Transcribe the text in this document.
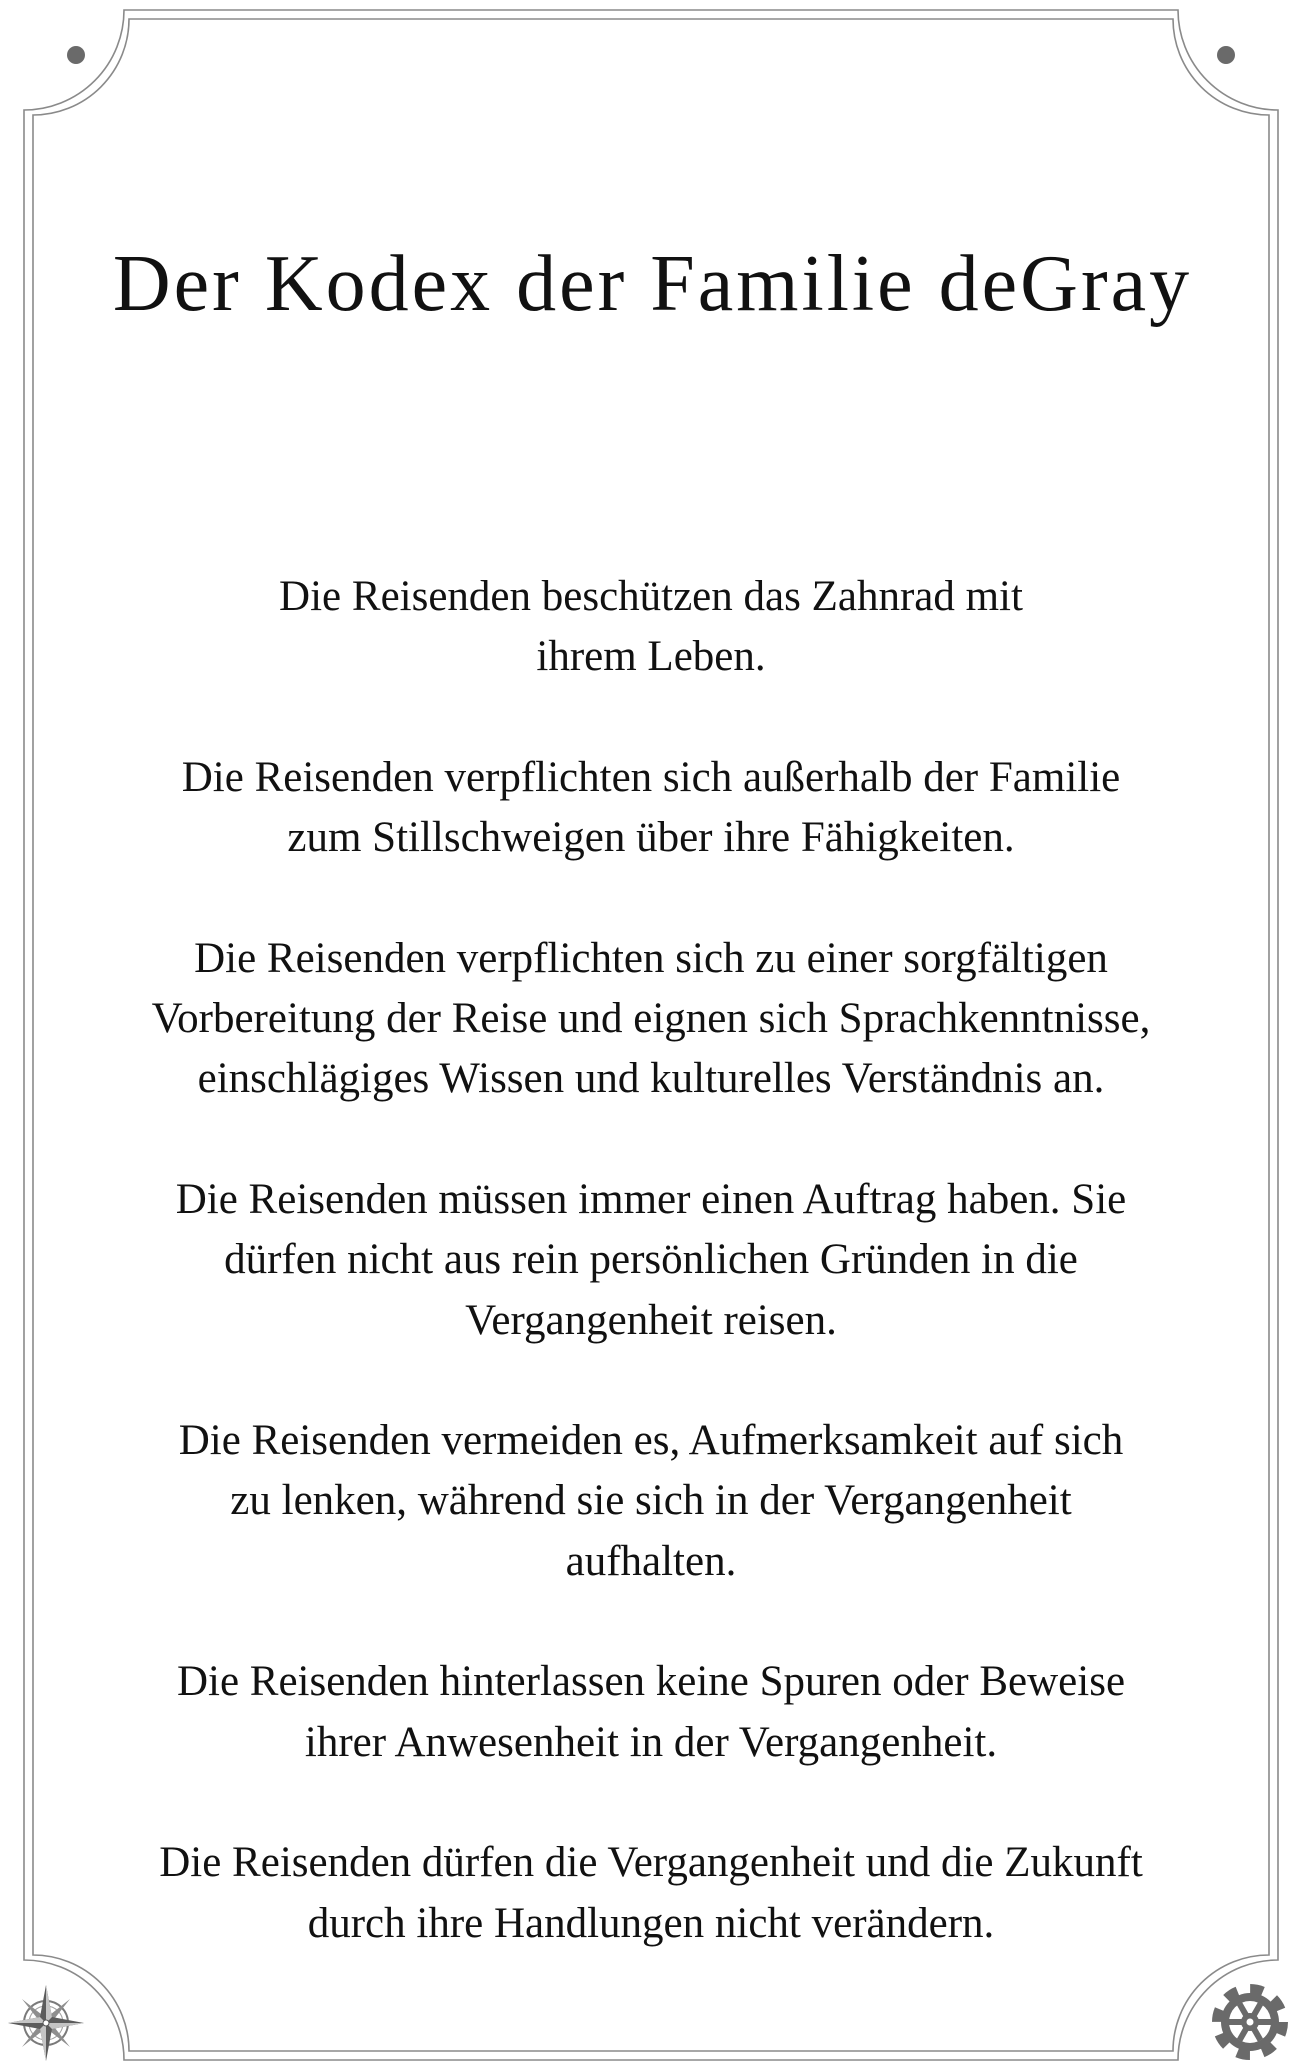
Der Kodex der Familie deGray

Die Reisenden beschützen das Zahnrad mit
ihrem Leben.

Die Reisenden verpflichten sich außerhalb der Familie
zum Stillschweigen über ihre Fähigkeiten.

Die Reisenden verpflichten sich zu einer sorgfältigen
Vorbereitung der Reise und eignen sich Sprachkenntnisse,
einschlägiges Wissen und kulturelles Verständnis an.

Die Reisenden müssen immer einen Auftrag haben. Sie
dürfen nicht aus rein persönlichen Gründen in die
Vergangenheit reisen.

Die Reisenden vermeiden es, Aufmerksamkeit auf sich
zu lenken, während sie sich in der Vergangenheit
aufhalten.

Die Reisenden hinterlassen keine Spuren oder Beweise
ihrer Anwesenheit in der Vergangenheit.

Die Reisenden dürfen die Vergangenheit und die Zukunft
durch ihre Handlungen nicht verändern.
